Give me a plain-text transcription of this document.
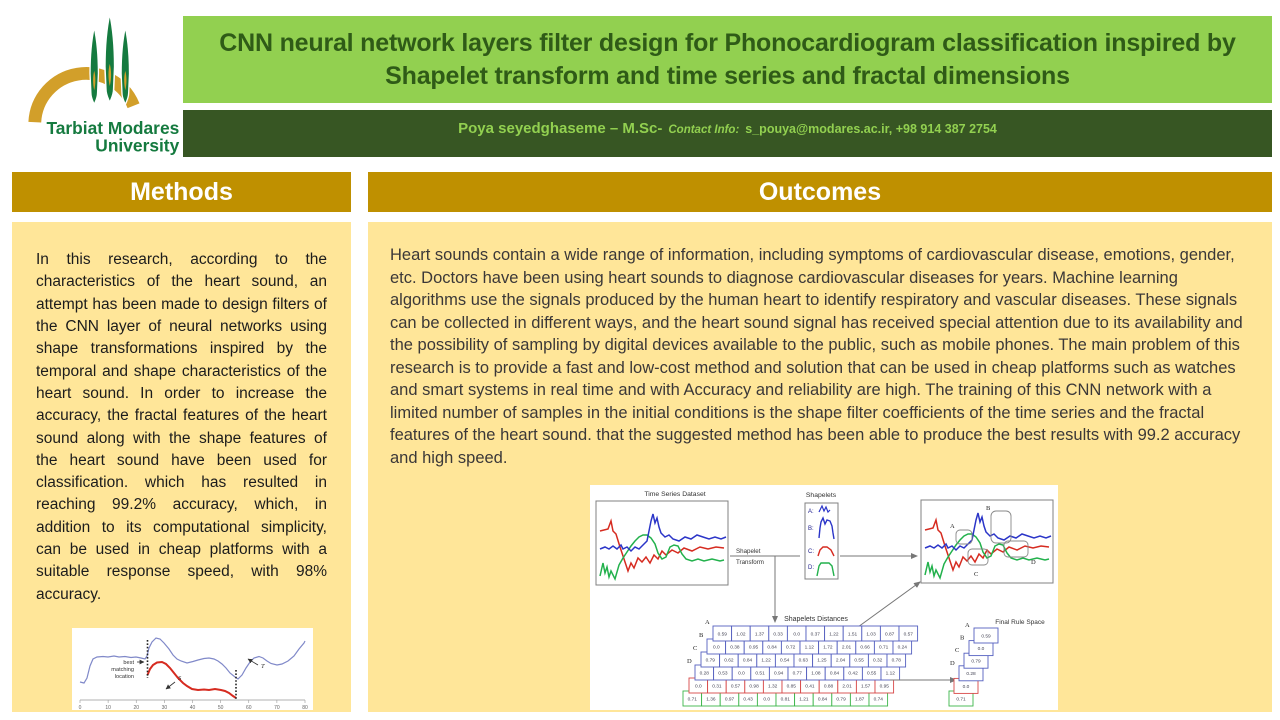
Tarbiat Modares
University
CNN neural network layers filter design for Phonocardiogram classification inspired by Shapelet transform and time series and fractal dimensions
Poya seyedghaseme – M.Sc- Contact Info: s_pouya@modares.ac.ir, +98 914 387 2754
Methods	Outcomes

In this research, according to the characteristics of the heart sound, an attempt has been made to design filters of the CNN layer of neural networks using shape transformations inspired by the temporal and shape characteristics of the heart sound. In order to increase the accuracy, the fractal features of the heart sound along with the shape features of the heart sound have been used for classification. which has resulted in reaching 99.2% accuracy, which, in addition to its computational simplicity, can be used in cheap platforms with a suitable response speed, with 98% accuracy.

best
matching
location	S
T
0	10	20	30	40	50	60	70	80

Heart sounds contain a wide range of information, including symptoms of cardiovascular disease, emotions, gender, etc. Doctors have been using heart sounds to diagnose cardiovascular diseases for years. Machine learning algorithms use the signals produced by the human heart to identify respiratory and vascular diseases. These signals can be collected in different ways, and the heart sound signal has received special attention due to its availability and the possibility of sampling by digital devices available to the public, such as mobile phones. The main problem of this research is to provide a fast and low-cost method and solution that can be used in cheap platforms such as watches and smart systems in real time and with Accuracy and reliability are high. The training of this CNN network with a limited number of samples in the initial conditions is the shape filter coefficients of the time series and the fractal features of the heart sound. that the suggested method has been able to produce the best results with 99.2 accuracy and high speed.

Time Series Dataset	Shapelets
Shapelet
Transform
A:
B:
C:
D:
A
B
C
D
Shapelets Distances
0.71 1.36 0.97 0.43 0.0 0.81 1.21 0.84 0.79 1.87 0.74
0.0 0.31 0.57 0.98 1.32 0.85 0.41 0.88 2.01 1.57 0.95
0.28 0.53 0.0 0.51 0.94 0.77 1.08 0.84 0.42 0.55 1.12
0.79 0.62 0.84 1.22 0.54 0.63 1.25 2.04 0.55 0.32 0.78
0.0 0.38 0.95 0.84 0.72 1.12 1.72 2.01 0.66 0.71 0.24
0.59 1.02 1.37 0.33 0.0 0.37 1.22 1.51 1.03 0.87 0.57
A
B
C
D
Final Rule Space
0.71
0.0
0.28
0.79
0.0
0.59
A
B
C
D
